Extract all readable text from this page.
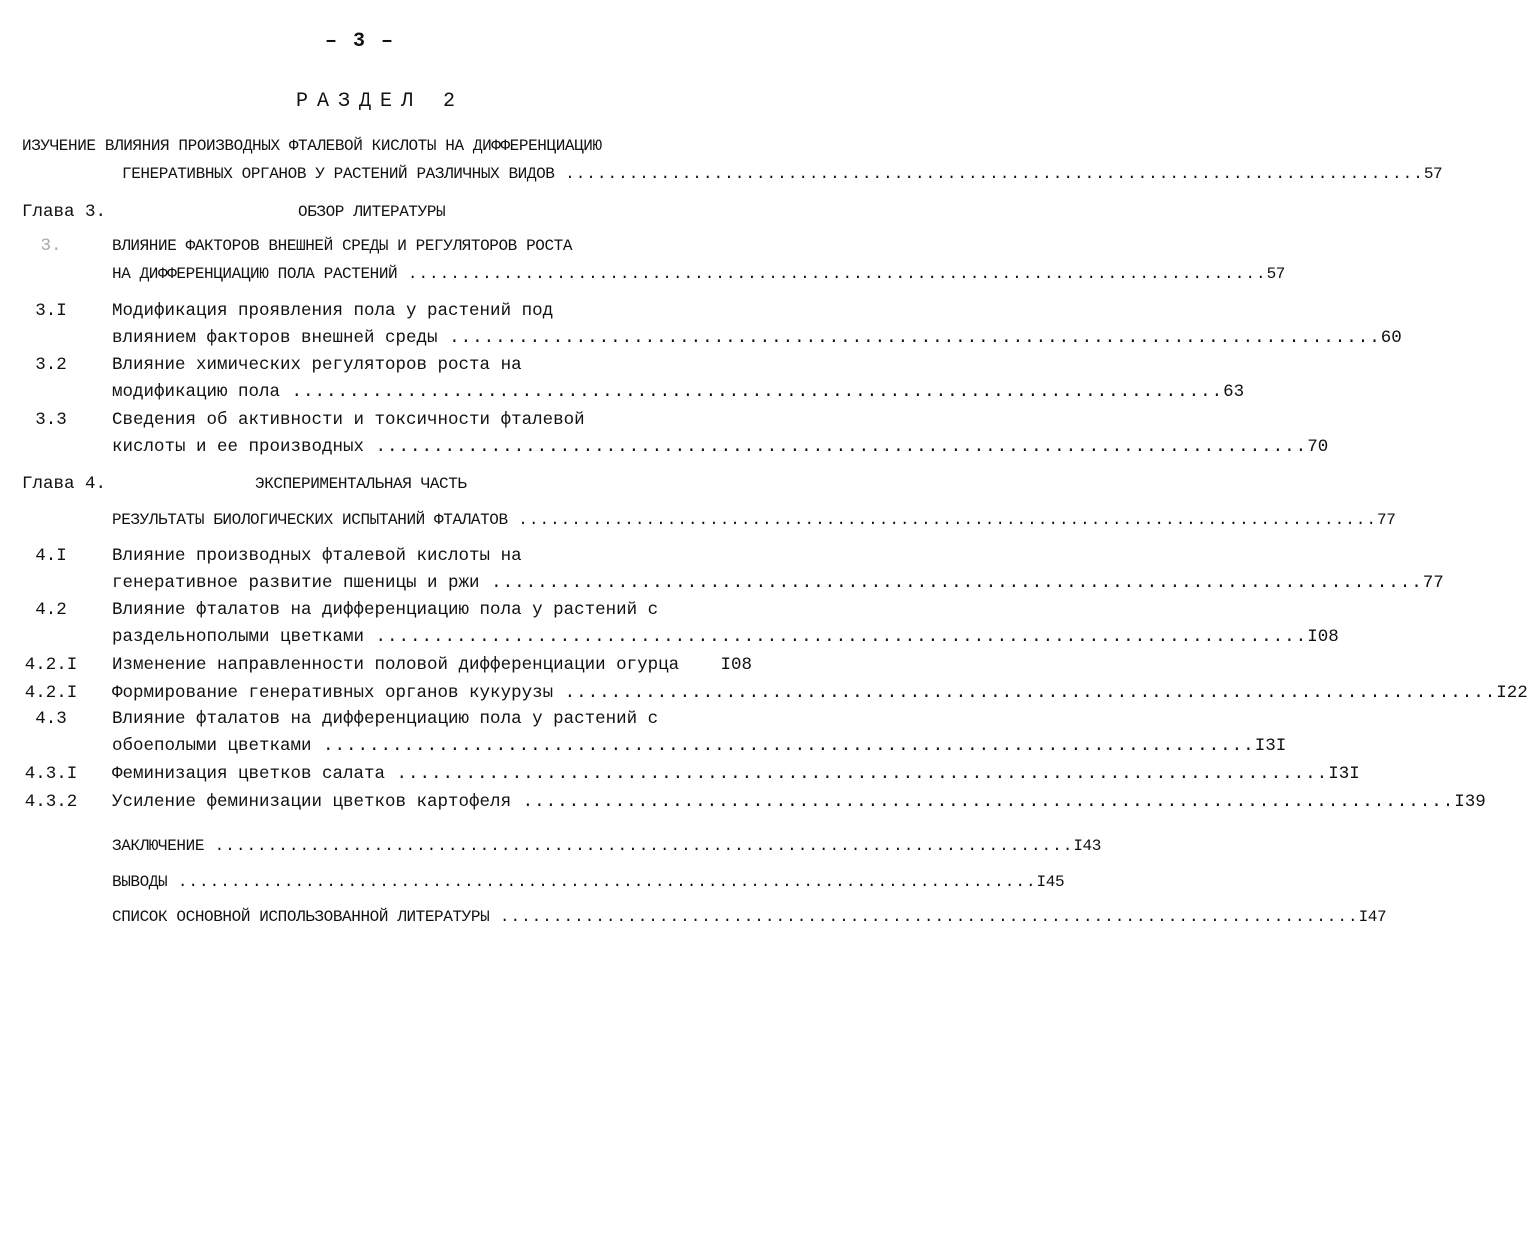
– 3 –
РАЗДЕЛ 2
ИЗУЧЕНИЕ ВЛИЯНИЯ ПРОИЗВОДНЫХ ФТАЛЕВОЙ КИСЛОТЫ НА ДИФФЕРЕНЦИАЦИЮ
ГЕНЕРАТИВНЫХ ОРГАНОВ У РАСТЕНИЙ РАЗЛИЧНЫХ ВИДОВ ................................................................................. 57
Глава 3.	ОБЗОР ЛИТЕРАТУРЫ
3.	ВЛИЯНИЕ ФАКТОРОВ ВНЕШНЕЙ СРЕДЫ И РЕГУЛЯТОРОВ РОСТА
НА ДИФФЕРЕНЦИАЦИЮ ПОЛА РАСТЕНИЙ ................................................................................. 57
3.I	Модификация проявления пола у растений под
влиянием факторов внешней среды ................................................................................. 60
3.2	Влияние химических регуляторов роста на
модификацию пола ................................................................................. 63
3.3	Сведения об активности и токсичности фталевой
кислоты и ее производных ................................................................................. 70
Глава 4.	ЭКСПЕРИМЕНТАЛЬНАЯ ЧАСТЬ
РЕЗУЛЬТАТЫ БИОЛОГИЧЕСКИХ ИСПЫТАНИЙ ФТАЛАТОВ ................................................................................. 77
4.I	Влияние производных фталевой кислоты на
генеративное развитие пшеницы и ржи ................................................................................. 77
4.2	Влияние фталатов на дифференциацию пола у растений с
раздельнополыми цветками ................................................................................. I08
4.2.I	Изменение направленности половой дифференциации огурца
I08
4.2.I	Формирование генеративных органов кукурузы ................................................................................. I22
4.3	Влияние фталатов на дифференциацию пола у растений с
обоеполыми цветками ................................................................................. I3I
4.3.I	Феминизация цветков салата ................................................................................. I3I
4.3.2	Усиление феминизации цветков картофеля ................................................................................. I39
ЗАКЛЮЧЕНИЕ ................................................................................. I43
ВЫВОДЫ ................................................................................. I45
СПИСОК ОСНОВНОЙ ИСПОЛЬЗОВАННОЙ ЛИТЕРАТУРЫ ................................................................................. I47
